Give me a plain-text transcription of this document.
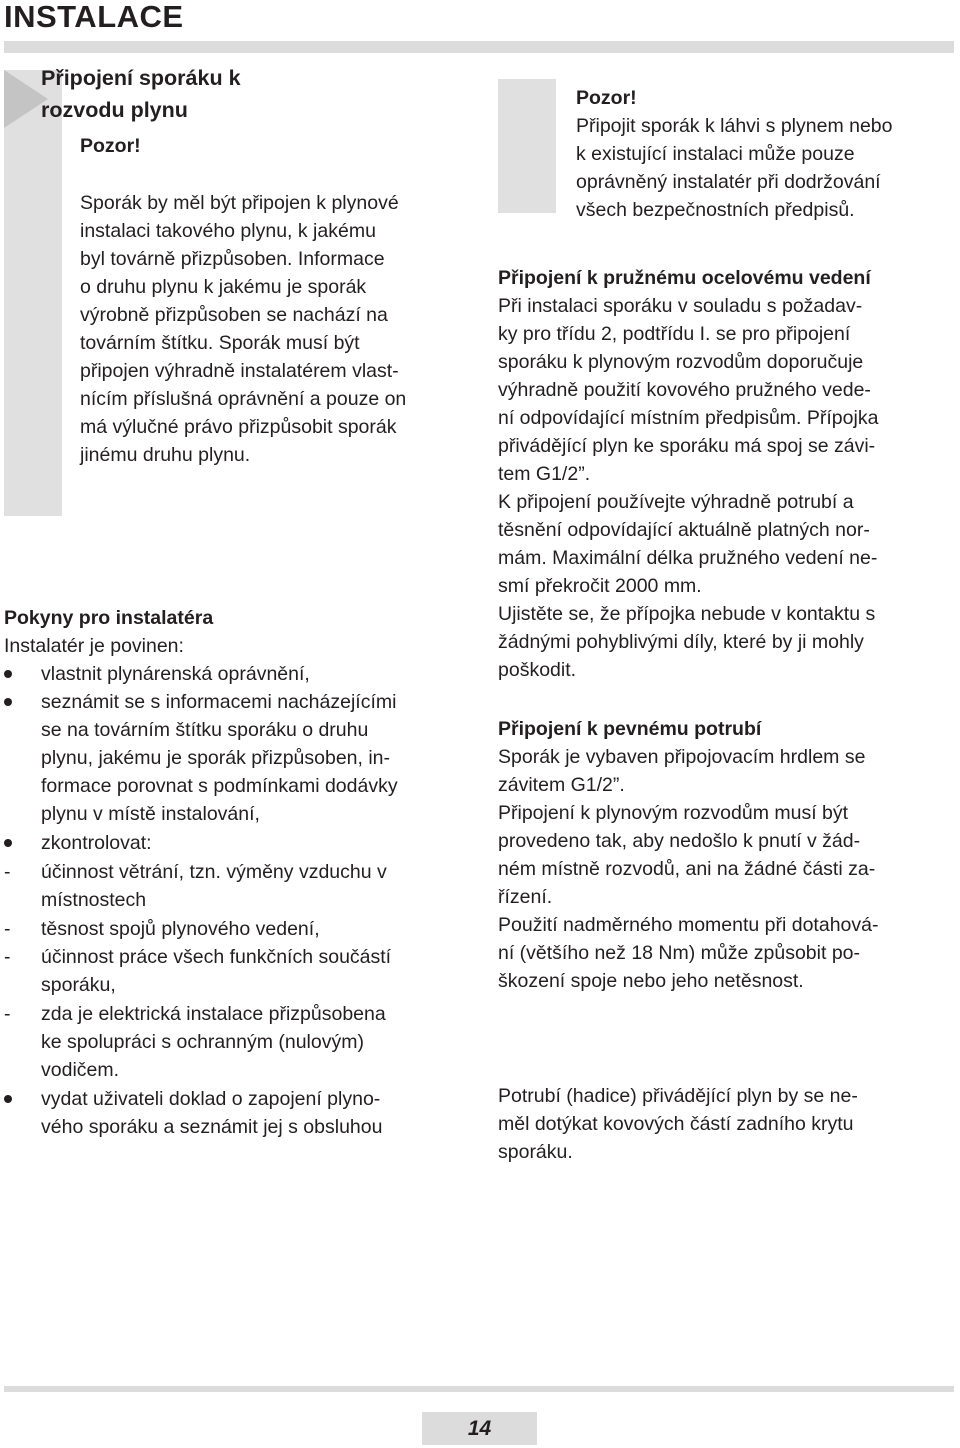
INSTALACE
Připojení sporáku k
rozvodu plynu
Pozor!
Sporák by měl být připojen k plynové
instalaci takového plynu, k jakému
byl továrně přizpůsoben. Informace
o druhu plynu k jakému je sporák
výrobně přizpůsoben se nachází na
továrním štítku. Sporák musí být
připojen výhradně instalatérem vlast-
nícím příslušná oprávnění a pouze on
má výlučné právo přizpůsobit sporák
jinému druhu plynu.
Pokyny pro instalatéra
Instalatér je povinen:
vlastnit plynárenská oprávnění,
seznámit se s informacemi nacházejícími
se na továrním štítku sporáku o druhu
plynu, jakému je sporák přizpůsoben, in-
formace porovnat s podmínkami dodávky
plynu v místě instalování,
zkontrolovat:
-	účinnost větrání, tzn. výměny vzduchu v
místnostech
-	těsnost spojů plynového vedení,
-	účinnost práce všech funkčních součástí
sporáku,
-	zda je elektrická instalace přizpůsobena
ke spolupráci s ochranným (nulovým)
vodičem.
vydat uživateli doklad o zapojení plyno-
vého sporáku a seznámit jej s obsluhou
Pozor!
Připojit sporák k láhvi s plynem nebo
k existující instalaci může pouze
oprávněný instalatér při dodržování
všech bezpečnostních předpisů.
Připojení k pružnému ocelovému vedení
Při instalaci sporáku v souladu s požadav-
ky pro třídu 2, podtřídu I. se pro připojení
sporáku k plynovým rozvodům doporučuje
výhradně použití kovového pružného vede-
ní odpovídající místním předpisům. Přípojka
přivádějící plyn ke sporáku má spoj se závi-
tem G1/2”.
K připojení používejte výhradně potrubí a
těsnění odpovídající aktuálně platných nor-
mám. Maximální délka pružného vedení ne-
smí překročit 2000 mm.
Ujistěte se, že přípojka nebude v kontaktu s
žádnými pohyblivými díly, které by ji mohly
poškodit.
Připojení k pevnému potrubí
Sporák je vybaven připojovacím hrdlem se
závitem G1/2”.
Připojení k plynovým rozvodům musí být
provedeno tak, aby nedošlo k pnutí v žád-
ném místně rozvodů, ani na žádné části za-
řízení.
Použití nadměrného momentu při dotahová-
ní (většího než 18 Nm) může způsobit po-
škození spoje nebo jeho netěsnost.
Potrubí (hadice) přivádějící plyn by se ne-
měl dotýkat kovových částí zadního krytu
sporáku.
14
